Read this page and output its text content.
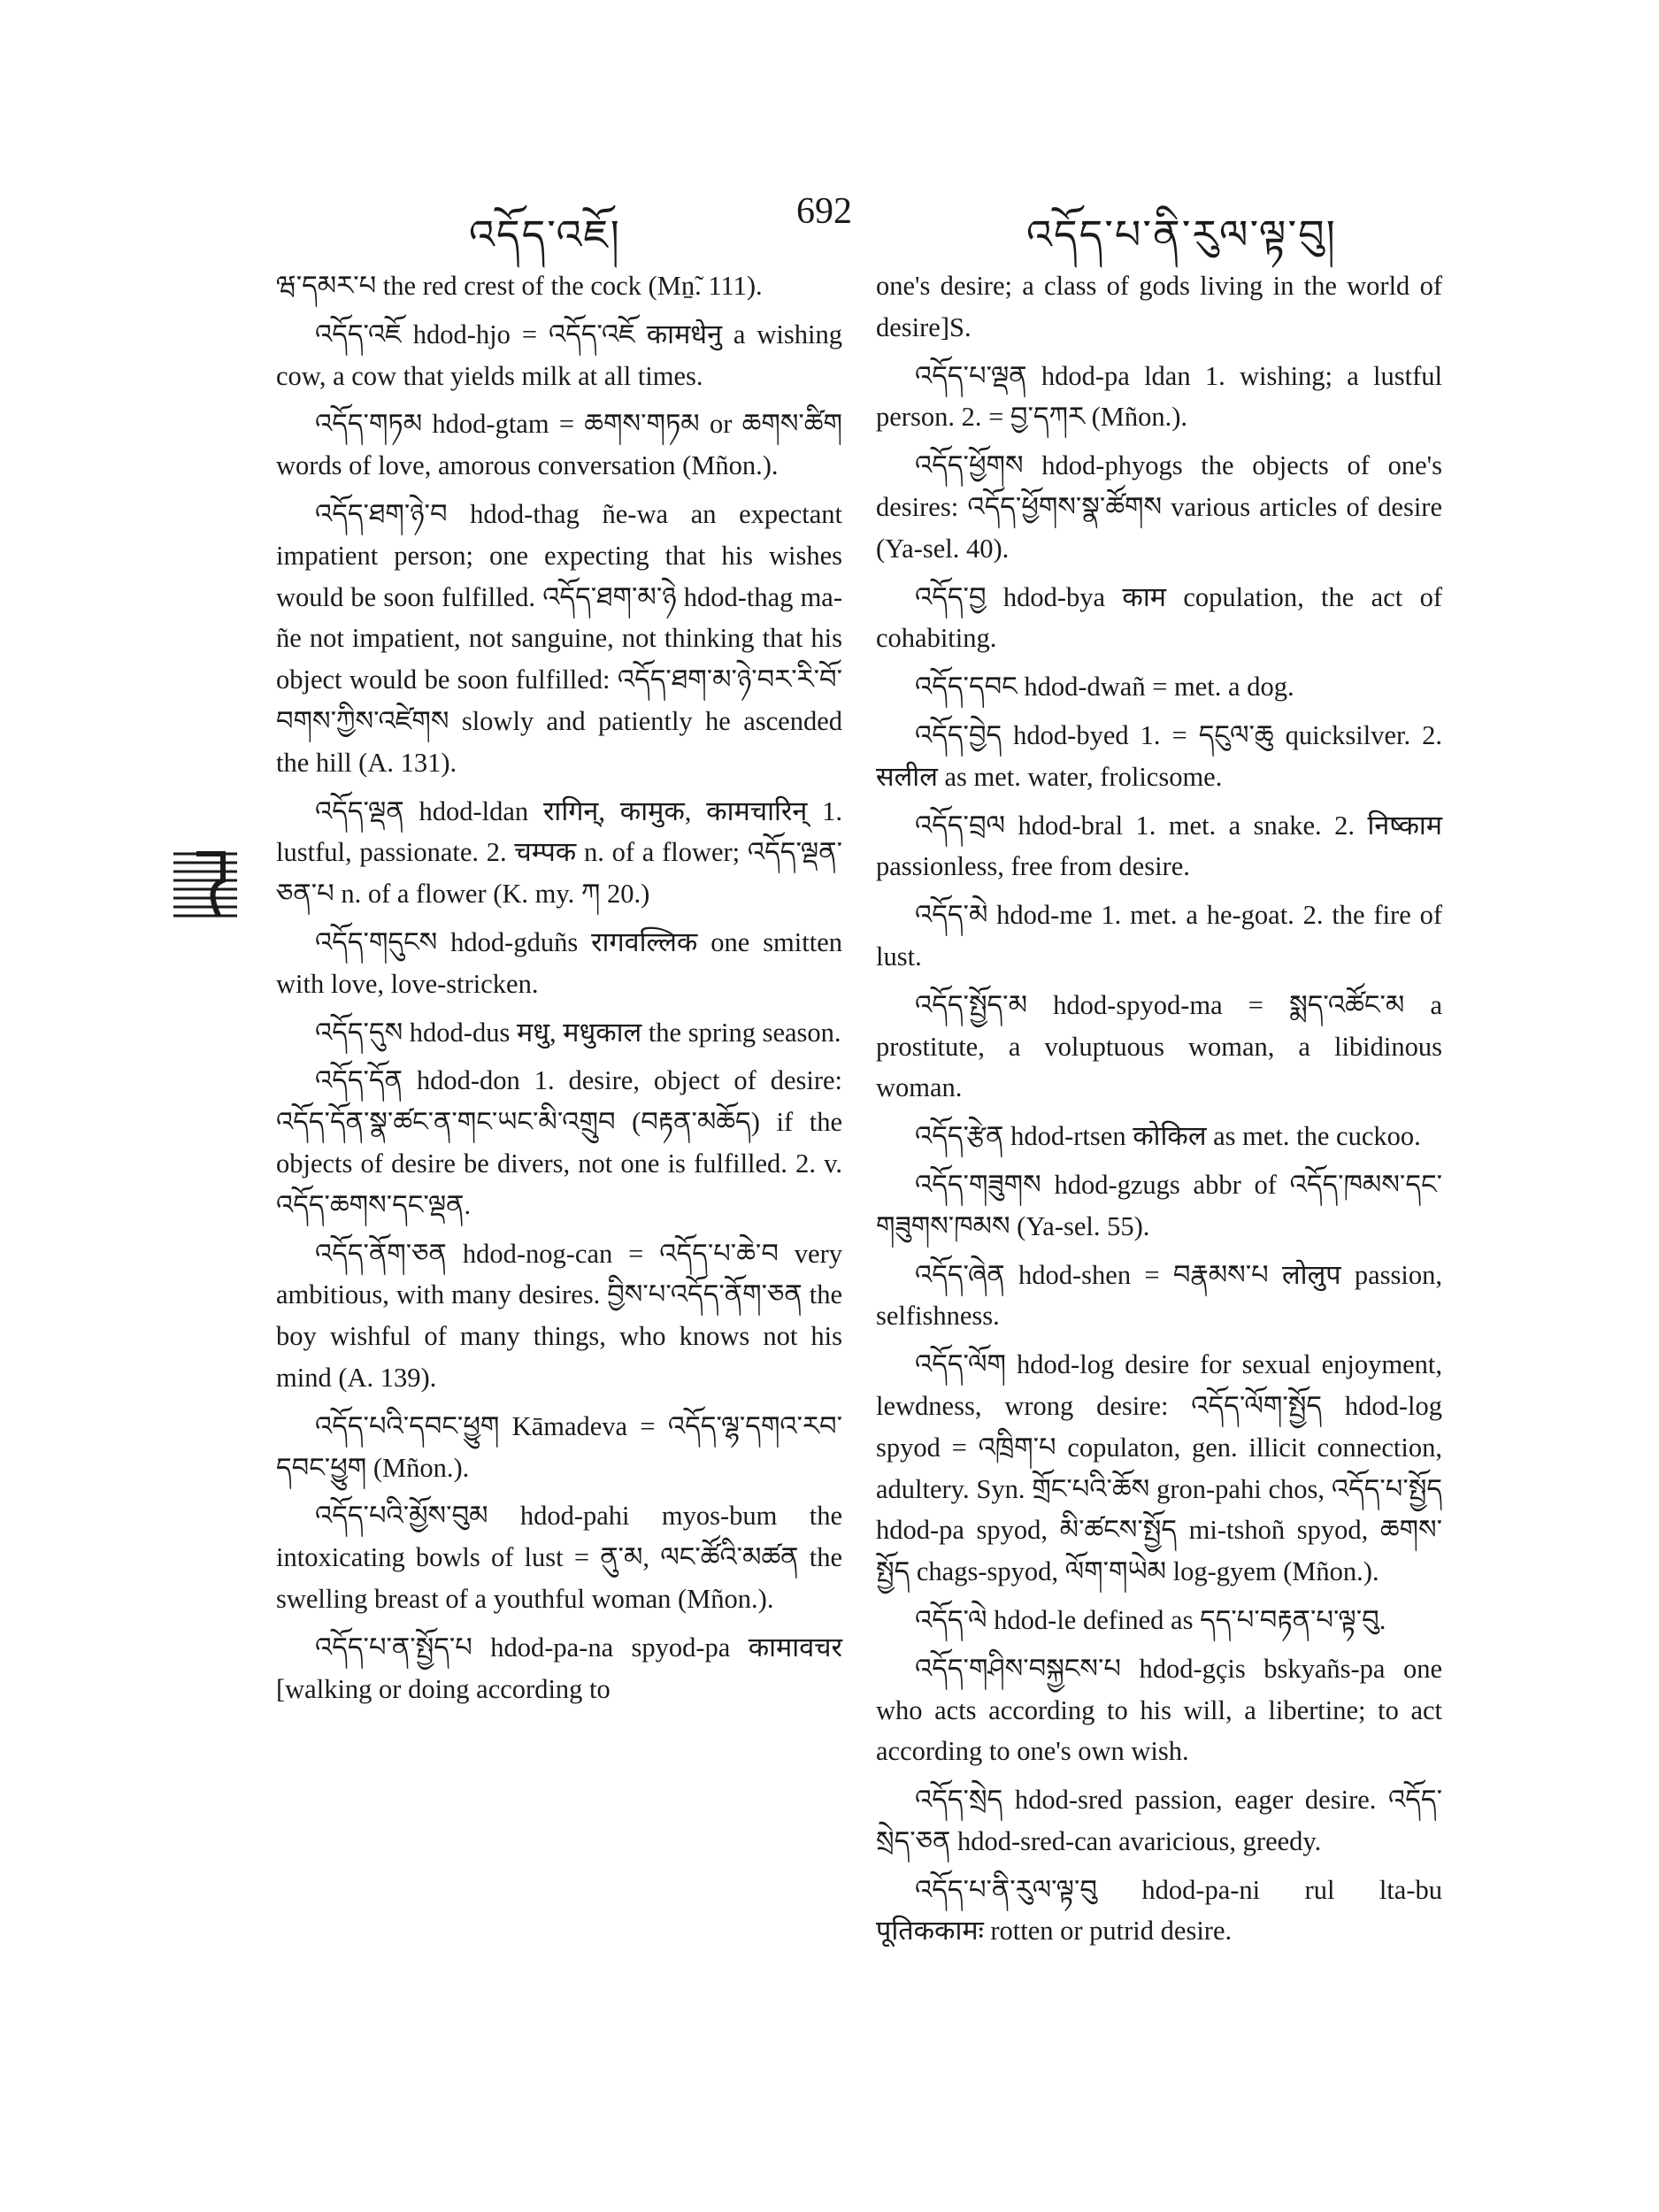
འདོད་འཇོ།
692
འདོད་པ་ནི་རུལ་ལྟ་བུ།

ཝ་དམར་པ the red crest of the cock (Mṉ̃. 111).

འདོད་འཇོ hdod-hjo = འདོད་འཇོ कामधेनु a wishing cow, a cow that yields milk at all times.

འདོད་གཏམ hdod-gtam = ཆགས་གཏམ or ཆགས་ཚིག words of love, amorous conversation (Mñon.).

འདོད་ཐག་ཉེ་བ hdod-thag ñe-wa an expectant impatient person; one expecting that his wishes would be soon fulfilled. འདོད་ཐག་མ་ཉེ hdod-thag ma-ñe not impatient, not sanguine, not thinking that his object would be soon fulfilled: འདོད་ཐག་མ་ཉེ་བར་རི་བོ་བགས་ཀྱིས་འཛེགས slowly and patiently he ascended the hill (A. 131).

འདོད་ལྡན hdod-ldan रागिन्, कामुक, कामचारिन् 1. lustful, passionate. 2. चम्पक n. of a flower; འདོད་ལྡན་ཅན་པ n. of a flower (K. my. ཀ 20.)

འདོད་གདུངས hdod-gduñs रागवल्लिक one smitten with love, love-stricken.

འདོད་དུས hdod-dus मधु, मधुकाल the spring season.

འདོད་དོན hdod-don 1. desire, object of desire: འདོད་དོན་སྣ་ཚང་ན་གང་ཡང་མི་འགྲུབ (བརྟན་མཆོད) if the objects of desire be divers, not one is fulfilled. 2. v. འདོད་ཆགས་དང་ལྡན.

འདོད་ནོག་ཅན hdod-nog-can = འདོད་པ་ཆེ་བ very ambitious, with many desires. བྱིས་པ་འདོད་ནོག་ཅན the boy wishful of many things, who knows not his mind (A. 139).

འདོད་པའི་དབང་ཕྱུག Kāmadeva = འདོད་ལྷ་དགའ་རབ་དབང་ཕྱུག (Mñon.).

འདོད་པའི་མྱོས་བུམ hdod-pahi myos-bum the intoxicating bowls of lust = ནུ་མ, ལང་ཚོའི་མཚན the swelling breast of a youthful woman (Mñon.).

འདོད་པ་ན་སྤྱོད་པ hdod-pa-na spyod-pa कामावचर [walking or doing according to

one's desire; a class of gods living in the world of desire]S.

འདོད་པ་ལྡན hdod-pa ldan 1. wishing; a lustful person. 2. = བྱ་དཀར (Mñon.).

འདོད་ཕྱོགས hdod-phyogs the objects of one's desires: འདོད་ཕྱོགས་སྣ་ཚོགས various articles of desire (Ya-sel. 40).

འདོད་བྱ hdod-bya काम copulation, the act of cohabiting.

འདོད་དབང hdod-dwañ = met. a dog.

འདོད་བྱེད hdod-byed 1. = དངུལ་ཆུ quicksilver. 2. सलील as met. water, frolicsome.

འདོད་བྲལ hdod-bral 1. met. a snake. 2. निष्काम passionless, free from desire.

འདོད་མེ hdod-me 1. met. a he-goat. 2. the fire of lust.

འདོད་སྤྱོད་མ hdod-spyod-ma = སྨད་འཚོང་མ a prostitute, a voluptuous woman, a libidinous woman.

འདོད་རྩེན hdod-rtsen कोकिल as met. the cuckoo.

འདོད་གཟུགས hdod-gzugs abbr of འདོད་ཁམས་དང་གཟུགས་ཁམས (Ya-sel. 55).

འདོད་ཞེན hdod-shen = བརྣམས་པ लोलुप passion, selfishness.

འདོད་ལོག hdod-log desire for sexual enjoyment, lewdness, wrong desire: འདོད་ལོག་སྤྱོད hdod-log spyod = འཁྲིག་པ copulaton, gen. illicit connection, adultery. Syn. གྲོང་པའི་ཆོས gron-pahi chos, འདོད་པ་སྤྱོད hdod-pa spyod, མི་ཚངས་སྤྱོད mi-tshoñ spyod, ཆགས་སྤྱོད chags-spyod, ལོག་གཡེམ log-gyem (Mñon.).

འདོད་ལེ hdod-le defined as དད་པ་བརྟན་པ་ལྟ་བུ.

འདོད་གཤིས་བསྐྱངས་པ hdod-gçis bskyañs-pa one who acts according to his will, a libertine; to act according to one's own wish.

འདོད་སྲེད hdod-sred passion, eager desire. འདོད་སྲེད་ཅན hdod-sred-can avaricious, greedy.

འདོད་པ་ནི་རུལ་ལྟ་བུ hdod-pa-ni rul lta-bu पूतिककामः rotten or putrid desire.
